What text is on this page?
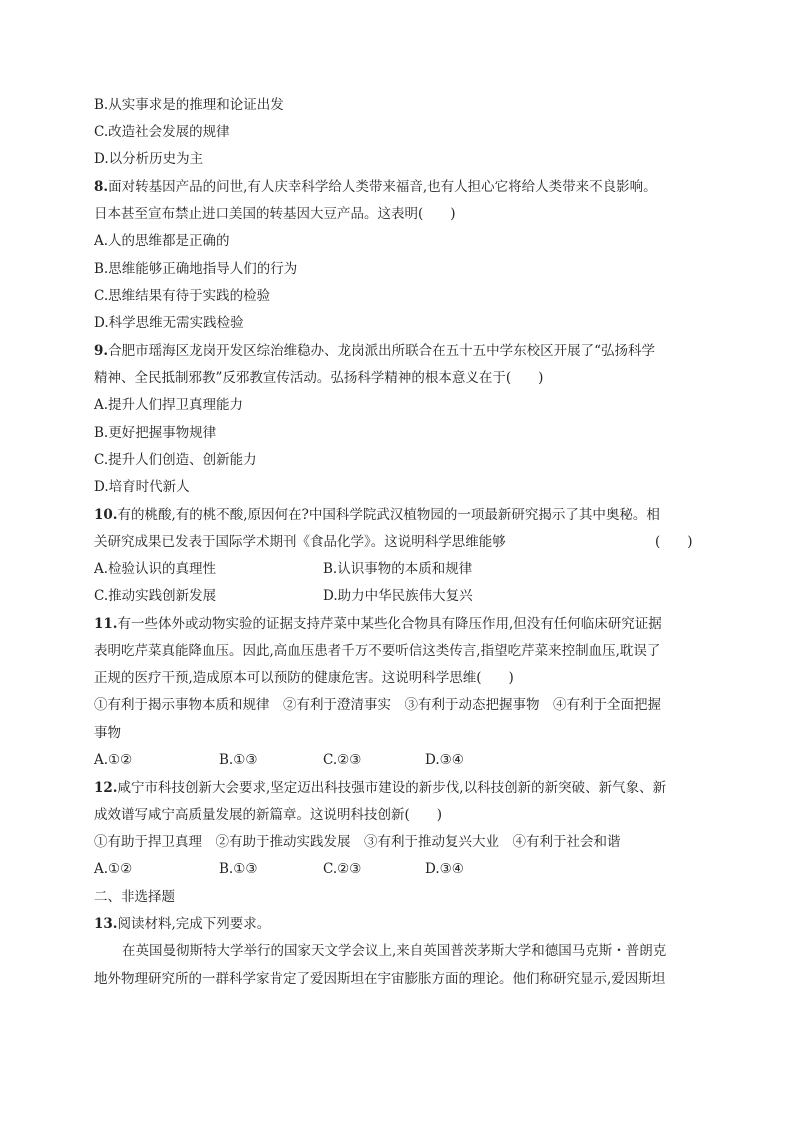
B.从实事求是的推理和论证出发
C.改造社会发展的规律
D.以分析历史为主
8.面对转基因产品的问世,有人庆幸科学给人类带来福音,也有人担心它将给人类带来不良影响。
日本甚至宣布禁止进口美国的转基因大豆产品。这表明(　　)
A.人的思维都是正确的
B.思维能够正确地指导人们的行为
C.思维结果有待于实践的检验
D.科学思维无需实践检验
9.合肥市瑶海区龙岗开发区综治维稳办、龙岗派出所联合在五十五中学东校区开展了“弘扬科学
精神、全民抵制邪教”反邪教宣传活动。弘扬科学精神的根本意义在于(　　)
A.提升人们捍卫真理能力
B.更好把握事物规律
C.提升人们创造、创新能力
D.培育时代新人
10.有的桃酸,有的桃不酸,原因何在?中国科学院武汉植物园的一项最新研究揭示了其中奥秘。相
关研究成果已发表于国际学术期刊《食品化学》。这说明科学思维能够	(　　)
A.检验认识的真理性	B.认识事物的本质和规律
C.推动实践创新发展	D.助力中华民族伟大复兴
11.有一些体外或动物实验的证据支持芹菜中某些化合物具有降压作用,但没有任何临床研究证据
表明吃芹菜真能降血压。因此,高血压患者千万不要听信这类传言,指望吃芹菜来控制血压,耽误了
正规的医疗干预,造成原本可以预防的健康危害。这说明科学思维(　　)
①有利于揭示事物本质和规律　②有利于澄清事实　③有利于动态把握事物　④有利于全面把握
事物
A.①②	B.①③	C.②③	D.③④
12.咸宁市科技创新大会要求,坚定迈出科技强市建设的新步伐,以科技创新的新突破、新气象、新
成效谱写咸宁高质量发展的新篇章。这说明科技创新(　　)
①有助于捍卫真理　②有助于推动实践发展　③有利于推动复兴大业　④有利于社会和谐
A.①②	B.①③	C.②③	D.③④
二、非选择题
13.阅读材料,完成下列要求。
在英国曼彻斯特大学举行的国家天文学会议上,来自英国普茨茅斯大学和德国马克斯・普朗克
地外物理研究所的一群科学家肯定了爱因斯坦在宇宙膨胀方面的理论。他们称研究显示,爱因斯坦
